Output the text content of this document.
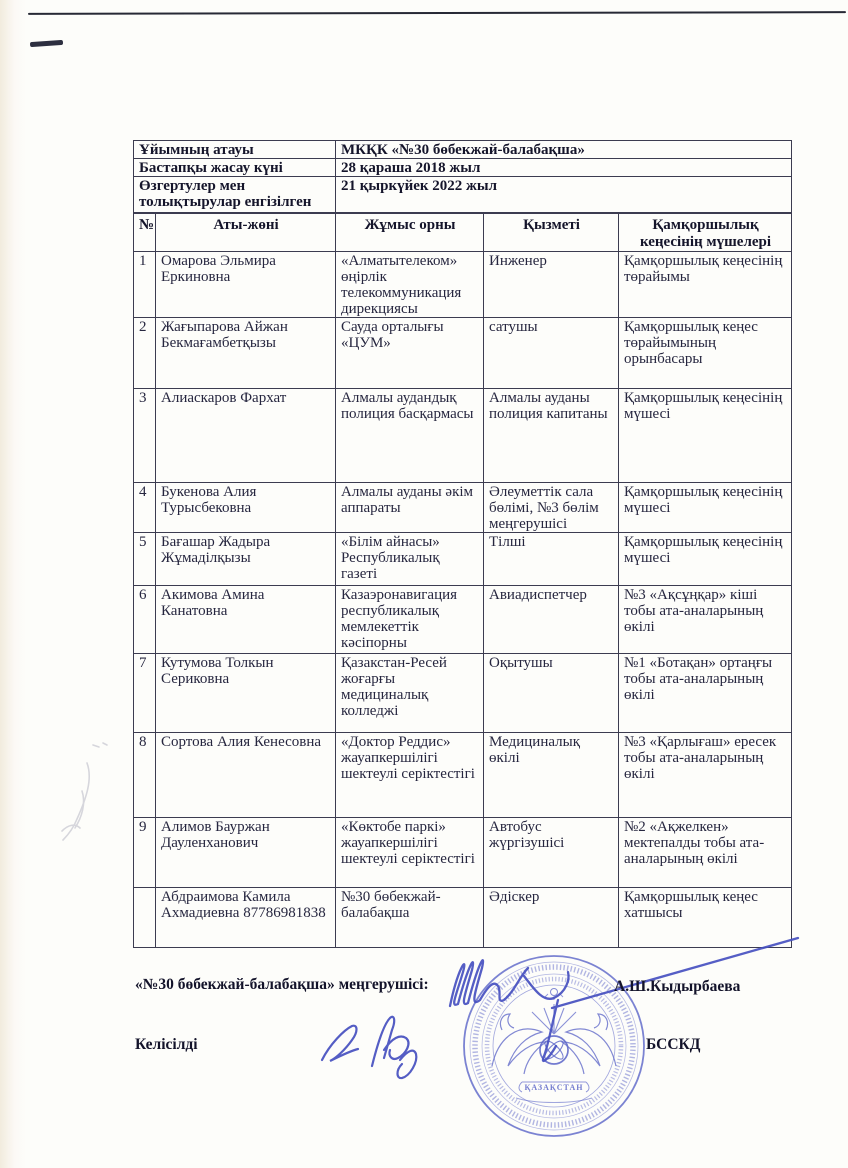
Ұйымның атауы	МКҚК «№30 бөбекжай-балабақша»
Бастапқы жасау күні	28 қараша 2018 жыл
Өзгертулер мен толықтырулар енгізілген	21 қыркүйек 2022 жыл
№	Аты-жөні	Жұмыс орны	Қызметі	Қамқоршылық кеңесінің мүшелері
1	Омарова Эльмира Еркиновна	«Алматытелеком» өңірлік телекоммуникация дирекциясы	Инженер	Қамқоршылық кеңесінің төрайымы
2	Жағыпарова Айжан Бекмағамбетқызы	Сауда орталығы «ЦУМ»	сатушы	Қамқоршылық кеңес төрайымының орынбасары
3	Алиаскаров Фархат	Алмалы аудандық полиция басқармасы	Алмалы ауданы полиция капитаны	Қамқоршылық кеңесінің мүшесі
4	Букенова Алия Турысбековна	Алмалы ауданы әкім аппараты	Әлеуметтік сала бөлімі, №3 бөлім меңгерушісі	Қамқоршылық кеңесінің мүшесі
5	Бағашар Жадыра Жұмаділқызы	«Білім айнасы» Республикалық газеті	Тілші	Қамқоршылық кеңесінің мүшесі
6	Акимова Амина Канатовна	Казаэронавигация республикалық мемлекеттік кәсіпорны	Авиадиспетчер	№3 «Ақсұңқар» кіші тобы ата-аналарының өкілі
7	Кутумова Толкын Сериковна	Қазакстан-Ресей жоғарғы медициналық колледжі	Оқытушы	№1 «Ботақан» ортаңғы тобы ата-аналарының өкілі
8	Сортова Алия Кенесовна	«Доктор Реддис» жауапкершілігі шектеулі серіктестігі	Медициналық өкілі	№3 «Қарлығаш» ересек тобы ата-аналарының өкілі
9	Алимов Бауржан Дауленханович	«Көктобе паркі» жауапкершілігі шектеулі серіктестігі	Автобус жүргізушісі	№2 «Ақжелкен» мектепалды тобы ата-аналарының өкілі
	Абдраимова Камила Ахмадиевна 87786981838	№30 бөбекжай-балабақша	Әдіскер	Қамқоршылық кеңес хатшысы
«№30 бөбекжай-балабақша» меңгерушісі:	А.Ш.Кыдырбаева
Келісілді	БССКД
ҚАЗАҚСТАН
